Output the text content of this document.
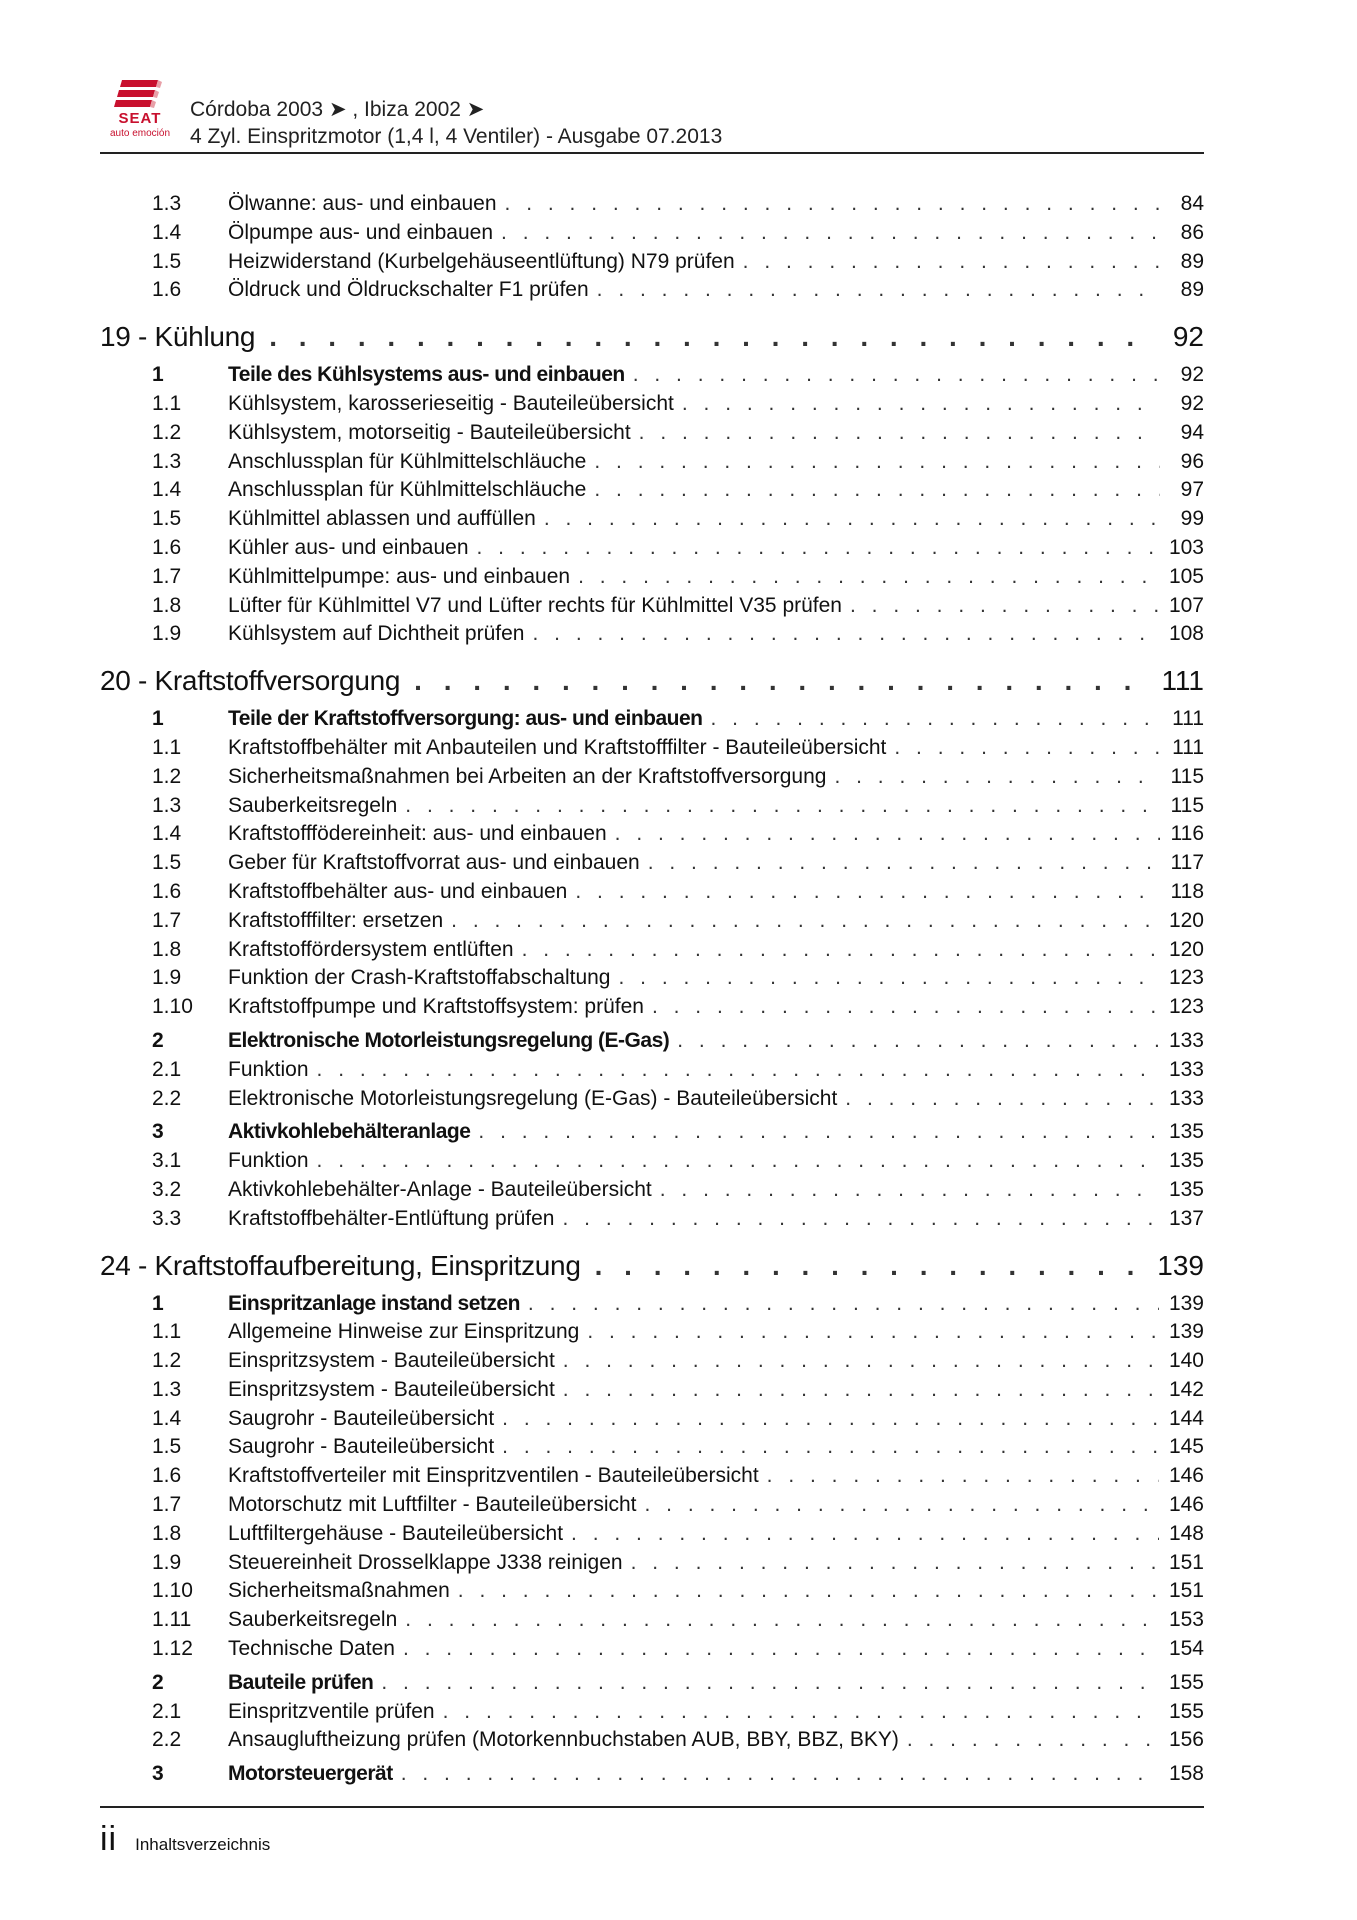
SEAT
auto emoción
Córdoba 2003 ➤ , Ibiza 2002 ➤
4 Zyl. Einspritzmotor (1,4 l, 4 Ventiler) - Ausgabe 07.2013
1.3 Ölwanne: aus- und einbauen . . .	84
1.4 Ölpumpe aus- und einbauen . . .	86
1.5 Heizwiderstand (Kurbelgehäuseentlüftung) N79 prüfen . . .	89
1.6 Öldruck und Öldruckschalter F1 prüfen . . .	89
19 - Kühlung . . .	92
1	Teile des Kühlsystems aus- und einbauen . . .	92
1.1 Kühlsystem, karosserieseitig - Bauteileübersicht . . .	92
1.2 Kühlsystem, motorseitig - Bauteileübersicht . . .	94
1.3 Anschlussplan für Kühlmittelschläuche . . .	96
1.4 Anschlussplan für Kühlmittelschläuche . . .	97
1.5 Kühlmittel ablassen und auffüllen . . .	99
1.6 Kühler aus- und einbauen . . .	103
1.7 Kühlmittelpumpe: aus- und einbauen . . .	105
1.8 Lüfter für Kühlmittel V7 und Lüfter rechts für Kühlmittel V35 prüfen . . .	107
1.9 Kühlsystem auf Dichtheit prüfen . . .	108
20 - Kraftstoffversorgung . . .	111
1	Teile der Kraftstoffversorgung: aus- und einbauen . . .	111
1.1 Kraftstoffbehälter mit Anbauteilen und Kraftstofffilter - Bauteileübersicht . . .	111
1.2 Sicherheitsmaßnahmen bei Arbeiten an der Kraftstoffversorgung . . .	115
1.3 Sauberkeitsregeln . . .	115
1.4 Kraftstofffödereinheit: aus- und einbauen . . .	116
1.5 Geber für Kraftstoffvorrat aus- und einbauen . . .	117
1.6 Kraftstoffbehälter aus- und einbauen . . .	118
1.7 Kraftstofffilter: ersetzen . . .	120
1.8 Kraftstoffördersystem entlüften . . .	120
1.9 Funktion der Crash-Kraftstoffabschaltung . . .	123
1.10 Kraftstoffpumpe und Kraftstoffsystem: prüfen . . .	123
2	Elektronische Motorleistungsregelung (E-Gas) . . .	133
2.1 Funktion . . .	133
2.2 Elektronische Motorleistungsregelung (E-Gas) - Bauteileübersicht . . .	133
3	Aktivkohlebehälteranlage . . .	135
3.1 Funktion . . .	135
3.2 Aktivkohlebehälter-Anlage - Bauteileübersicht . . .	135
3.3 Kraftstoffbehälter-Entlüftung prüfen . . .	137
24 - Kraftstoffaufbereitung, Einspritzung . . .	139
1	Einspritzanlage instand setzen . . .	139
1.1 Allgemeine Hinweise zur Einspritzung . . .	139
1.2 Einspritzsystem - Bauteileübersicht . . .	140
1.3 Einspritzsystem - Bauteileübersicht . . .	142
1.4 Saugrohr - Bauteileübersicht . . .	144
1.5 Saugrohr - Bauteileübersicht . . .	145
1.6 Kraftstoffverteiler mit Einspritzventilen - Bauteileübersicht . . .	146
1.7 Motorschutz mit Luftfilter - Bauteileübersicht . . .	146
1.8 Luftfiltergehäuse - Bauteileübersicht . . .	148
1.9 Steuereinheit Drosselklappe J338 reinigen . . .	151
1.10 Sicherheitsmaßnahmen . . .	151
1.11 Sauberkeitsregeln . . .	153
1.12 Technische Daten . . .	154
2	Bauteile prüfen . . .	155
2.1 Einspritzventile prüfen . . .	155
2.2 Ansaugluftheizung prüfen (Motorkennbuchstaben AUB, BBY, BBZ, BKY) . . .	156
3	Motorsteuergerät . . .	158
ii Inhaltsverzeichnis
